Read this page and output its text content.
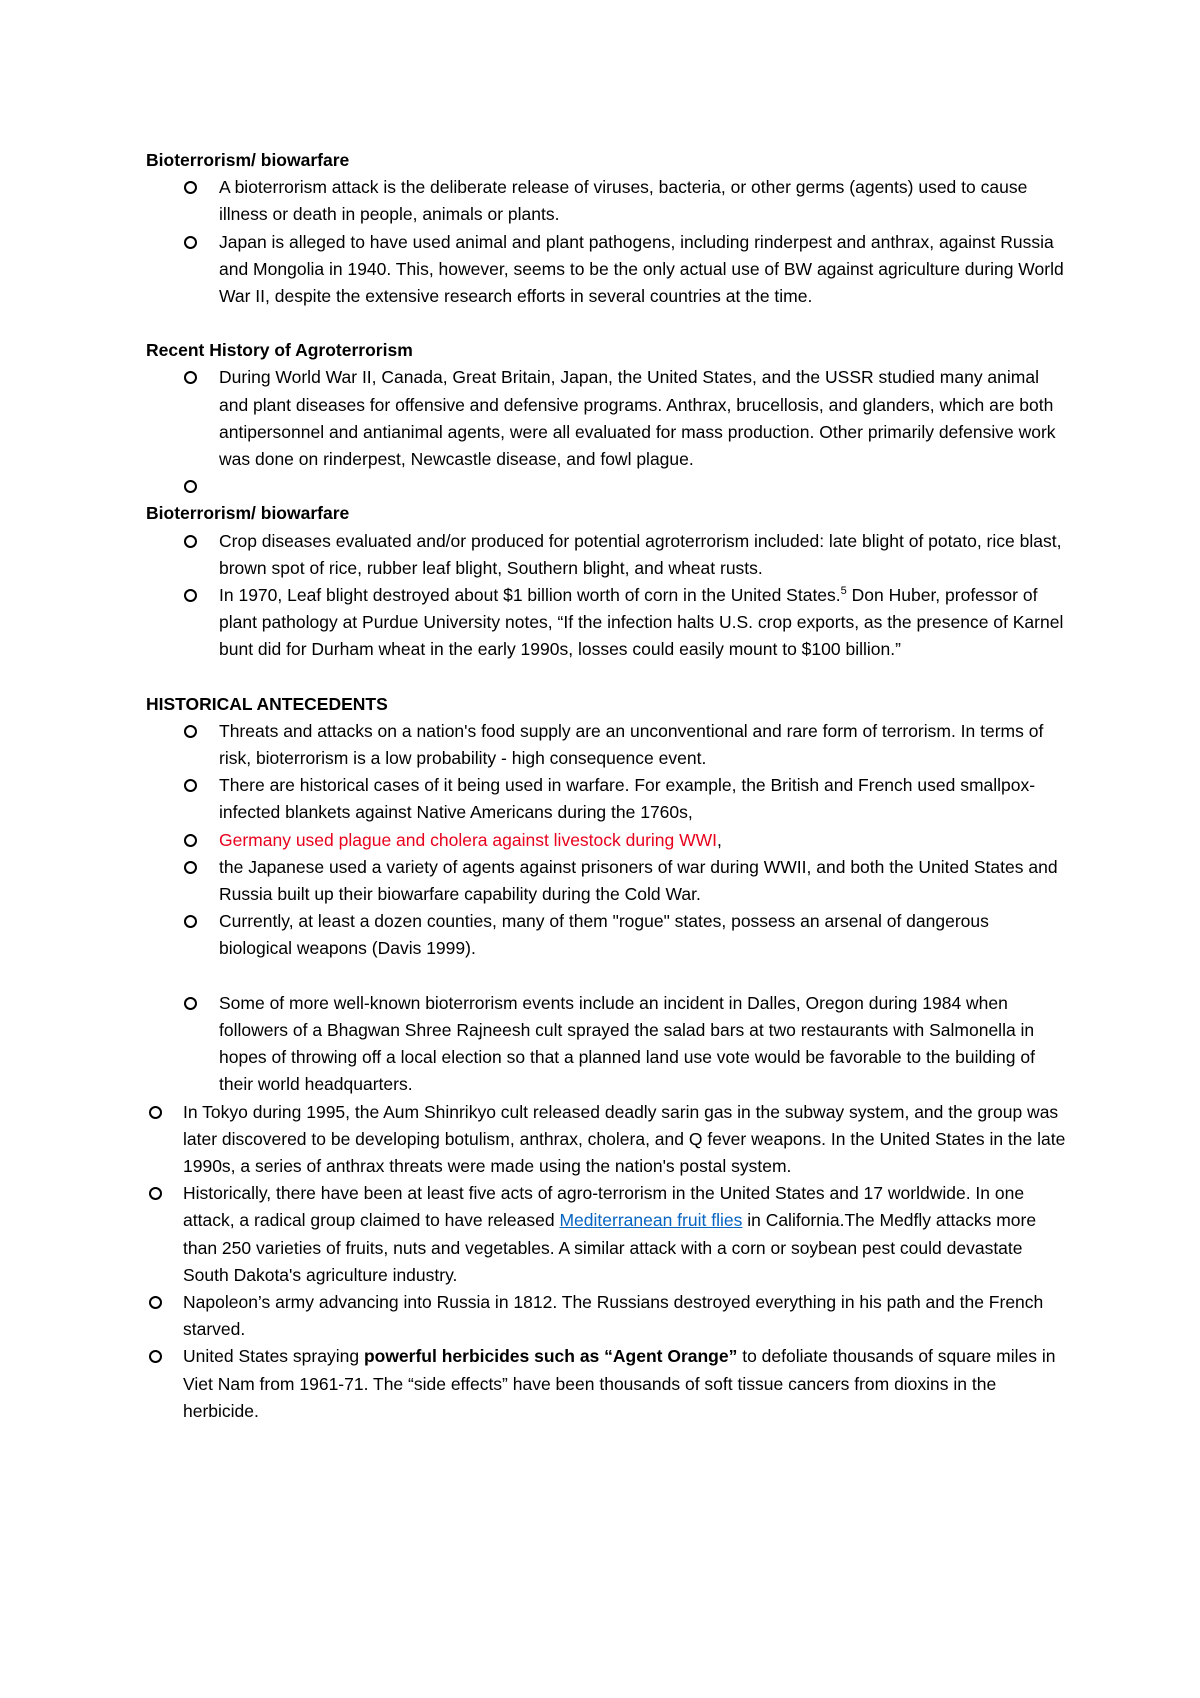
Bioterrorism/ biowarfare

A bioterrorism attack is the deliberate release of viruses, bacteria, or other germs (agents) used to cause illness or death in people, animals or plants.
Japan is alleged to have used animal and plant pathogens, including rinderpest and anthrax, against Russia and Mongolia in 1940. This, however, seems to be the only actual use of BW against agriculture during World War II, despite the extensive research efforts in several countries at the time.

Recent History of Agroterrorism

During World War II, Canada, Great Britain, Japan, the United States, and the USSR studied many animal and plant diseases for offensive and defensive programs. Anthrax, brucellosis, and glanders, which are both antipersonnel and antianimal agents, were all evaluated for mass production. Other primarily defensive work was done on rinderpest, Newcastle disease, and fowl plague.

Bioterrorism/ biowarfare

Crop diseases evaluated and/or produced for potential agroterrorism included: late blight of potato, rice blast, brown spot of rice, rubber leaf blight, Southern blight, and wheat rusts.
In 1970, Leaf blight destroyed about $1 billion worth of corn in the United States.$^5$ Don Huber, professor of plant pathology at Purdue University notes, “If the infection halts U.S. crop exports, as the presence of Karnel bunt did for Durham wheat in the early 1990s, losses could easily mount to $100 billion.”

HISTORICAL ANTECEDENTS

Threats and attacks on a nation's food supply are an unconventional and rare form of terrorism. In terms of risk, bioterrorism is a low probability - high consequence event.
There are historical cases of it being used in warfare. For example, the British and French used smallpox-infected blankets against Native Americans during the 1760s,
Germany used plague and cholera against livestock during WWI,
the Japanese used a variety of agents against prisoners of war during WWII, and both the United States and Russia built up their biowarfare capability during the Cold War.
Currently, at least a dozen counties, many of them "rogue" states, possess an arsenal of dangerous biological weapons (Davis 1999).
Some of more well-known bioterrorism events include an incident in Dalles, Oregon during 1984 when followers of a Bhagwan Shree Rajneesh cult sprayed the salad bars at two restaurants with Salmonella in hopes of throwing off a local election so that a planned land use vote would be favorable to the building of their world headquarters.

In Tokyo during 1995, the Aum Shinrikyo cult released deadly sarin gas in the subway system, and the group was later discovered to be developing botulism, anthrax, cholera, and Q fever weapons. In the United States in the late 1990s, a series of anthrax threats were made using the nation's postal system.

Historically, there have been at least five acts of agro-terrorism in the United States and 17 worldwide. In one attack, a radical group claimed to have released Mediterranean fruit flies in California.The Medfly attacks more than 250 varieties of fruits, nuts and vegetables. A similar attack with a corn or soybean pest could devastate South Dakota's agriculture industry.

Napoleon’s army advancing into Russia in 1812. The Russians destroyed everything in his path and the French starved.

United States spraying powerful herbicides such as “Agent Orange” to defoliate thousands of square miles in Viet Nam from 1961-71. The “side effects” have been thousands of soft tissue cancers from dioxins in the herbicide.
